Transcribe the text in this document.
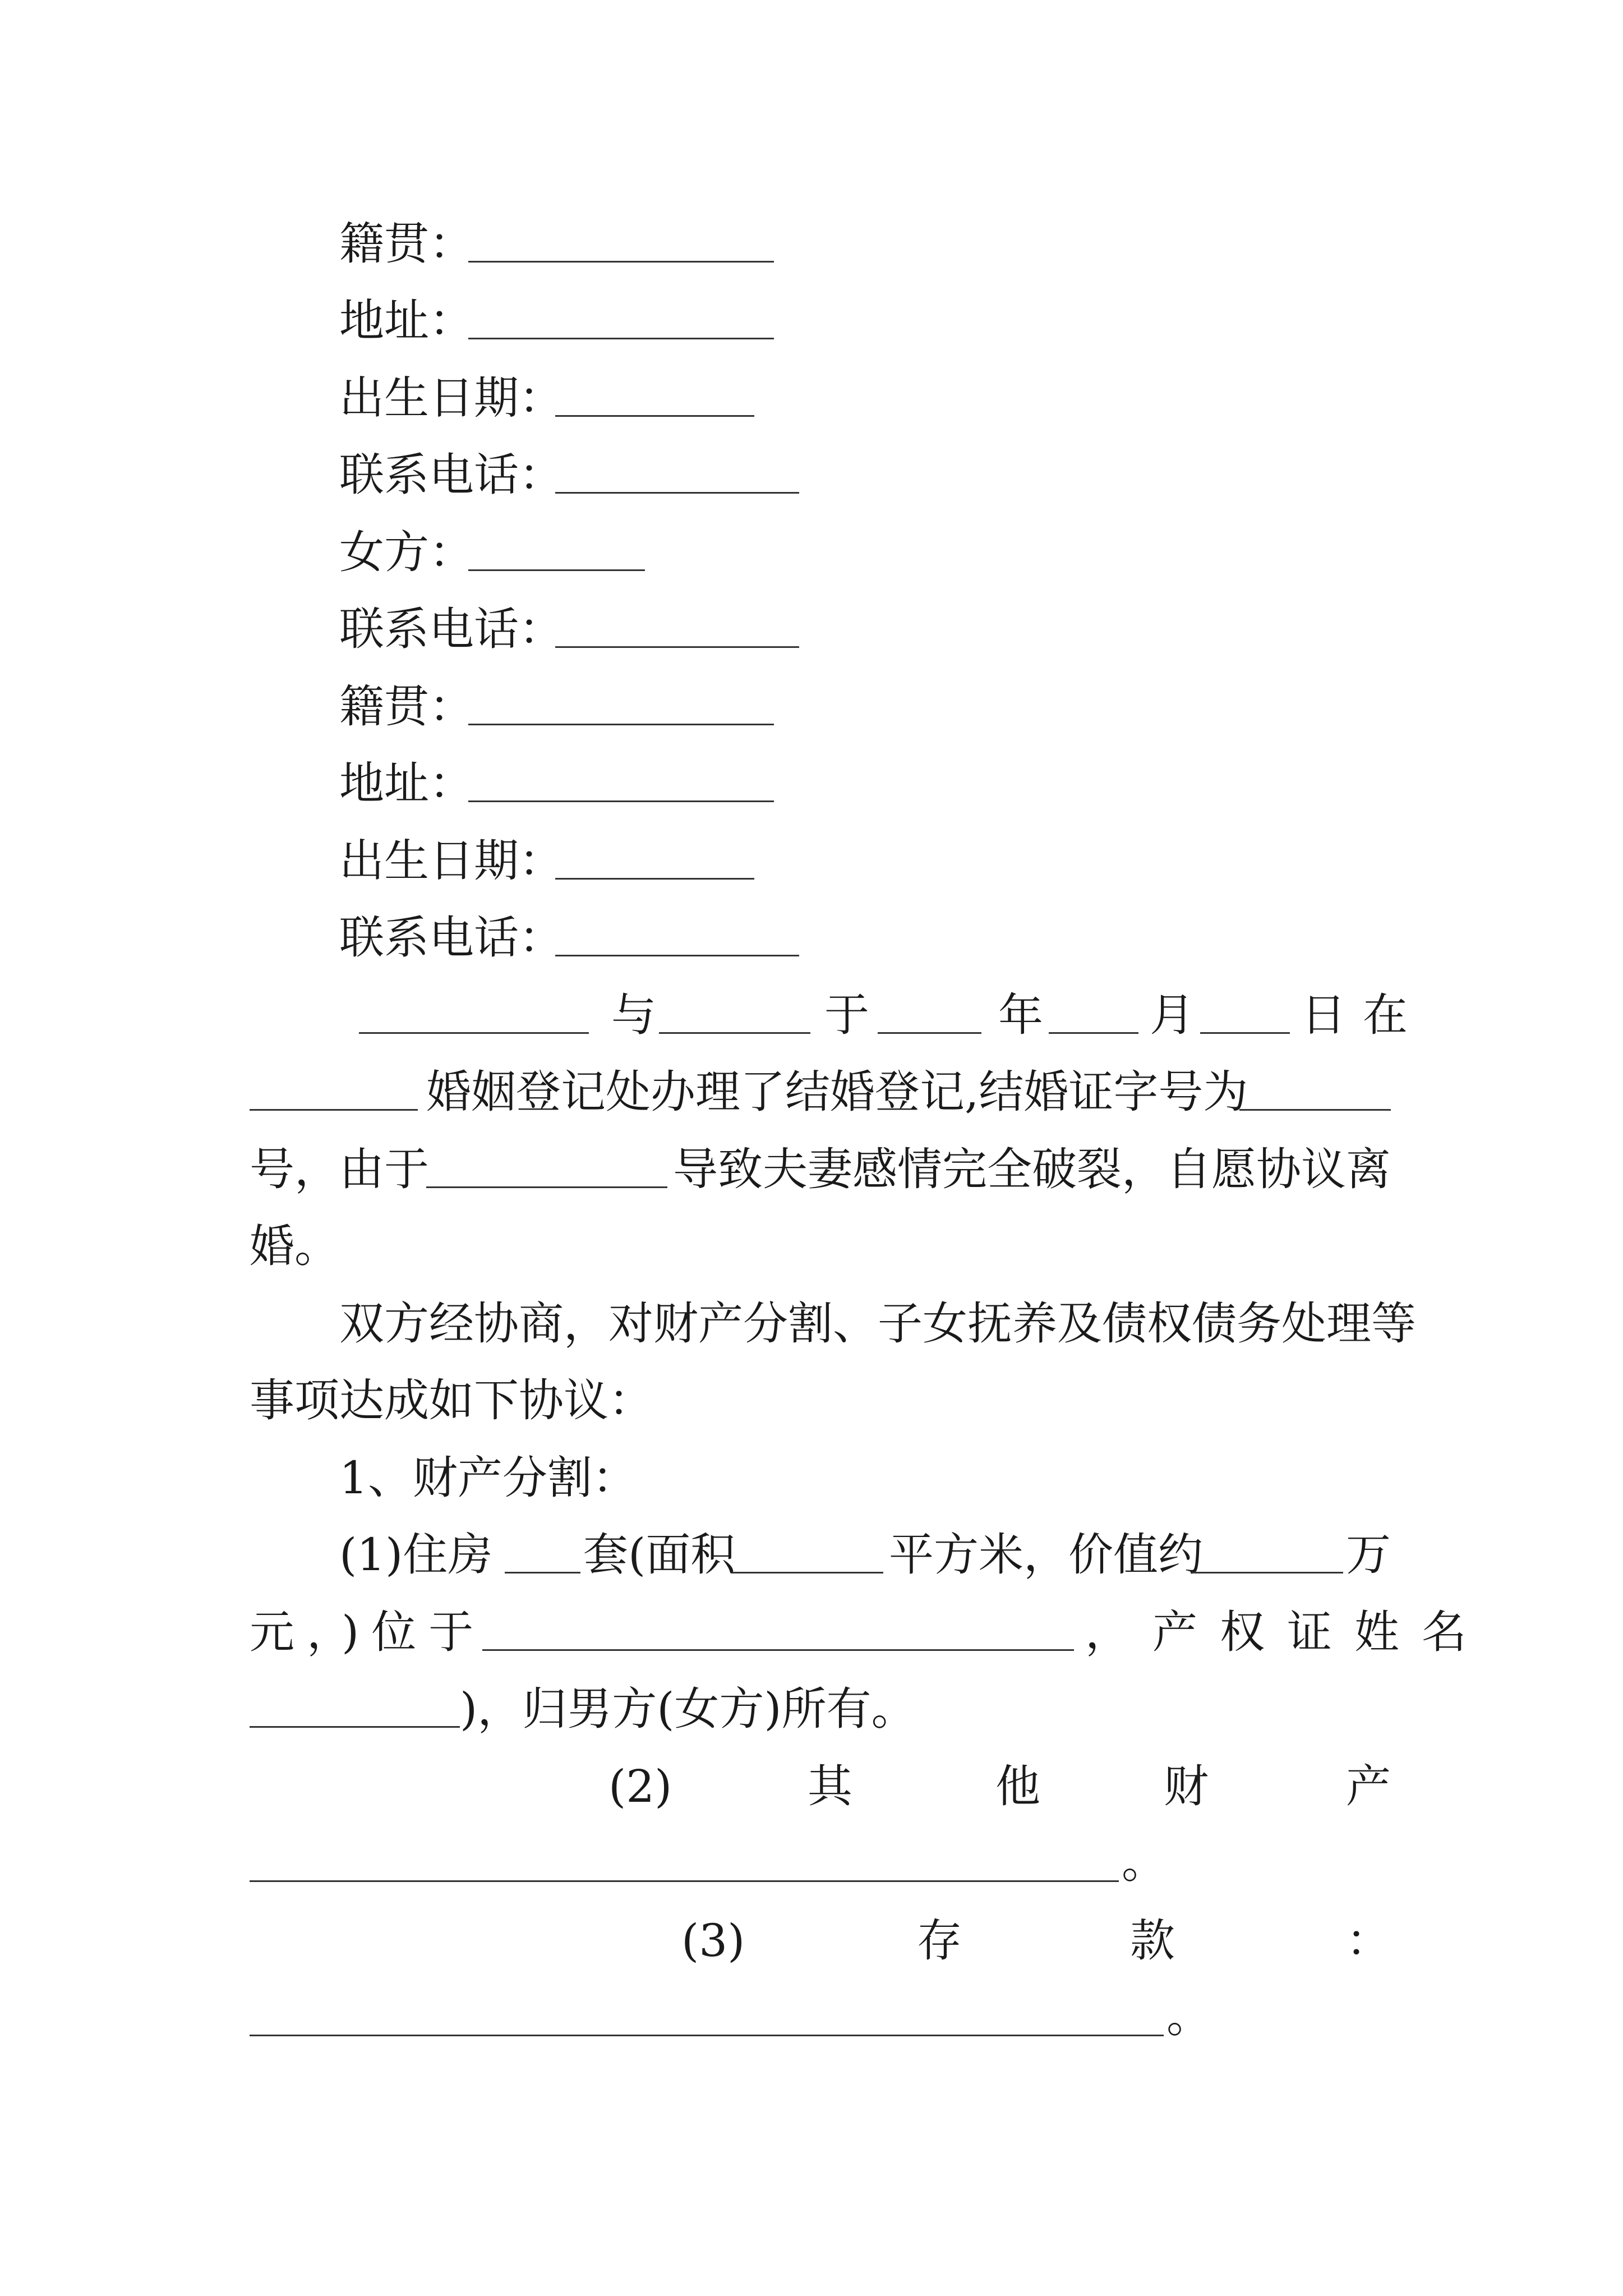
籍贯：
地址：
出生日期：
联系电话：
女方：
联系电话：
籍贯：
地址：
出生日期：
联系电话：
与	于	年 月 日在
婚姻登记处办理了结婚登记,结婚证字号为
号，由于	导致夫妻感情完全破裂，自愿协议离
婚。
双方经协商，对财产分割、子女抚养及债权债务处理等
事项达成如下协议：
1、财产分割：
(1)住房 套(面积	平方米，价值约	万
元，)位于	，产权证姓名
)，归男方(女方)所有。
(2)	其	他	财	产
。
(3)	存	款	：
。
